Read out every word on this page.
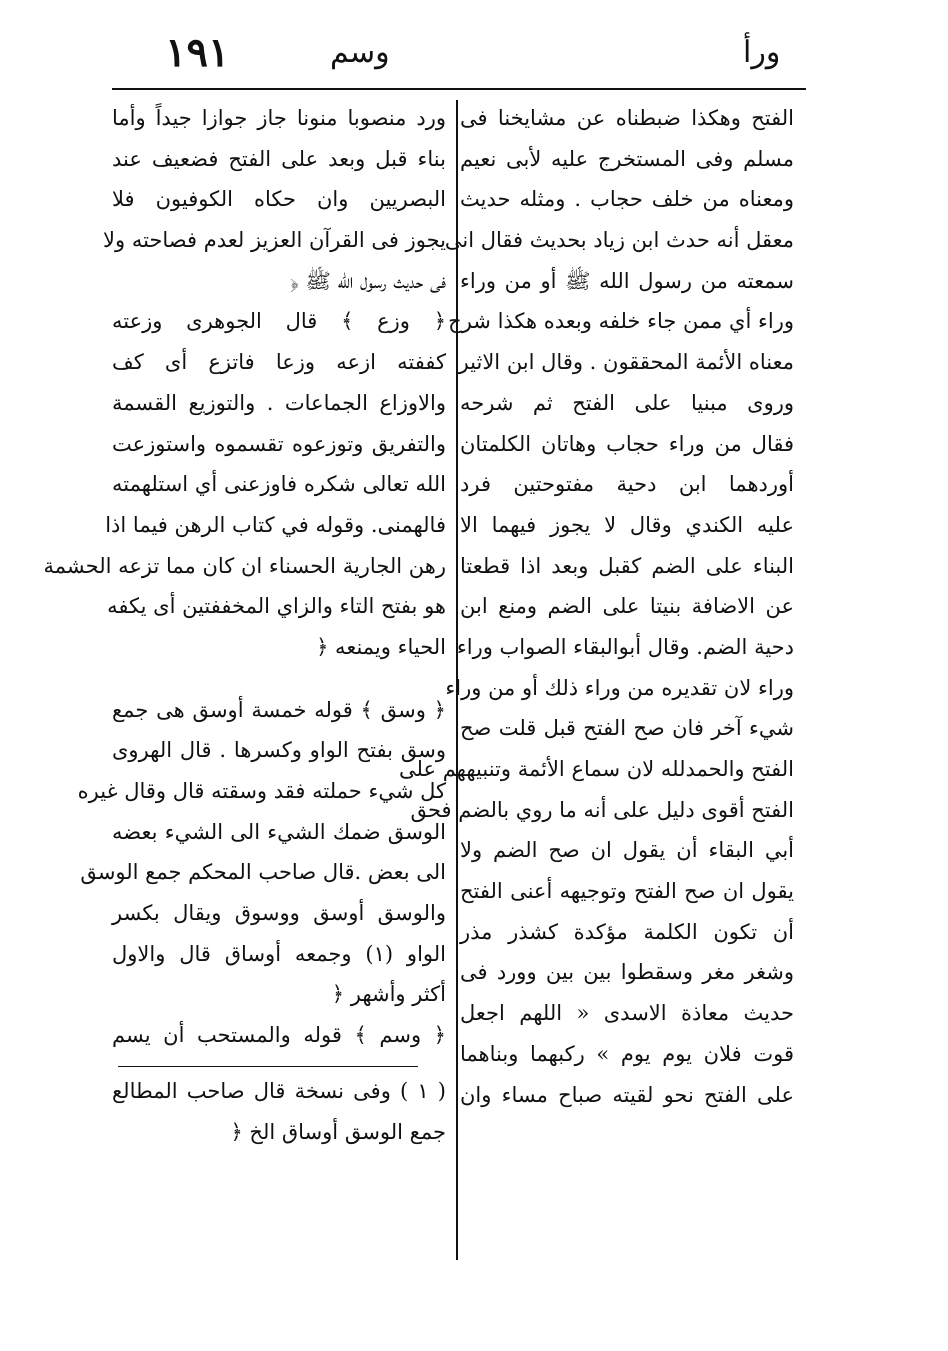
١٩١	وسم	ورأ
الفتح وهكذا ضبطناه عن مشايخنا فى
مسلم وفى المستخرج عليه لأبى نعيم
ومعناه من خلف حجاب . ومثله حديث
معقل أنه حدث ابن زياد بحديث فقال انى
سمعته من رسول الله ﷺ أو من وراء
وراء أي ممن جاء خلفه وبعده هكذا شرح
معناه الأئمة المحققون . وقال ابن الاثير
وروى مبنيا على الفتح ثم شرحه
فقال من وراء حجاب وهاتان الكلمتان
أوردهما ابن دحية مفتوحتين فرد
عليه الكندي وقال لا يجوز فيهما الا
البناء على الضم كقبل وبعد اذا قطعتا
عن الاضافة بنيتا على الضم ومنع ابن
دحية الضم. وقال أبوالبقاء الصواب وراء
وراء لان تقديره من وراء ذلك أو من وراء
شيء آخر فان صح الفتح قبل قلت صح
الفتح والحمدلله لان سماع الأئمة وتنبيههم على
الفتح أقوى دليل على أنه ما روي بالضم فحق
أبي البقاء أن يقول ان صح الضم ولا
يقول ان صح الفتح وتوجيهه أعنى الفتح
أن تكون الكلمة مؤكدة كشذر مذر
وشغر مغر وسقطوا بين بين وورد فى
حديث معاذة الاسدى « اللهم اجعل
قوت فلان يوم يوم » ركبهما وبناهما
على الفتح نحو لقيته صباح مساء وان
ورد منصوبا منونا جاز جوازا جيداً وأما
بناء قبل وبعد على الفتح فضعيف عند
البصريين وان حكاه الكوفيون فلا
يجوز فى القرآن العزيز لعدم فصاحته ولا
فى حديث رسول الله ﷺ ﴿
﴿ وزع ﴾ قال الجوهرى وزعته
كففته ازعه وزعا فاتزع أى كف
والاوزاع الجماعات . والتوزيع القسمة
والتفريق وتوزعوه تقسموه واستوزعت
الله تعالى شكره فاوزعنى أي استلهمته
فالهمنى. وقوله في كتاب الرهن فيما اذا
رهن الجارية الحسناء ان كان مما تزعه الحشمة
هو بفتح التاء والزاي المخففتين أى يكفه
الحياء ويمنعه ﴿
﴿ وسق ﴾ قوله خمسة أوسق هى جمع
وسق بفتح الواو وكسرها . قال الهروى
كل شيء حملته فقد وسقته قال وقال غيره
الوسق ضمك الشيء الى الشيء بعضه
الى بعض .قال صاحب المحكم جمع الوسق
والوسق أوسق ووسوق ويقال بكسر
الواو (١) وجمعه أوساق قال والاول
أكثر وأشهر ﴿
﴿ وسم ﴾ قوله والمستحب أن يسم
( ١ ) وفى نسخة قال صاحب المطالع
جمع الوسق أوساق الخ ﴿
